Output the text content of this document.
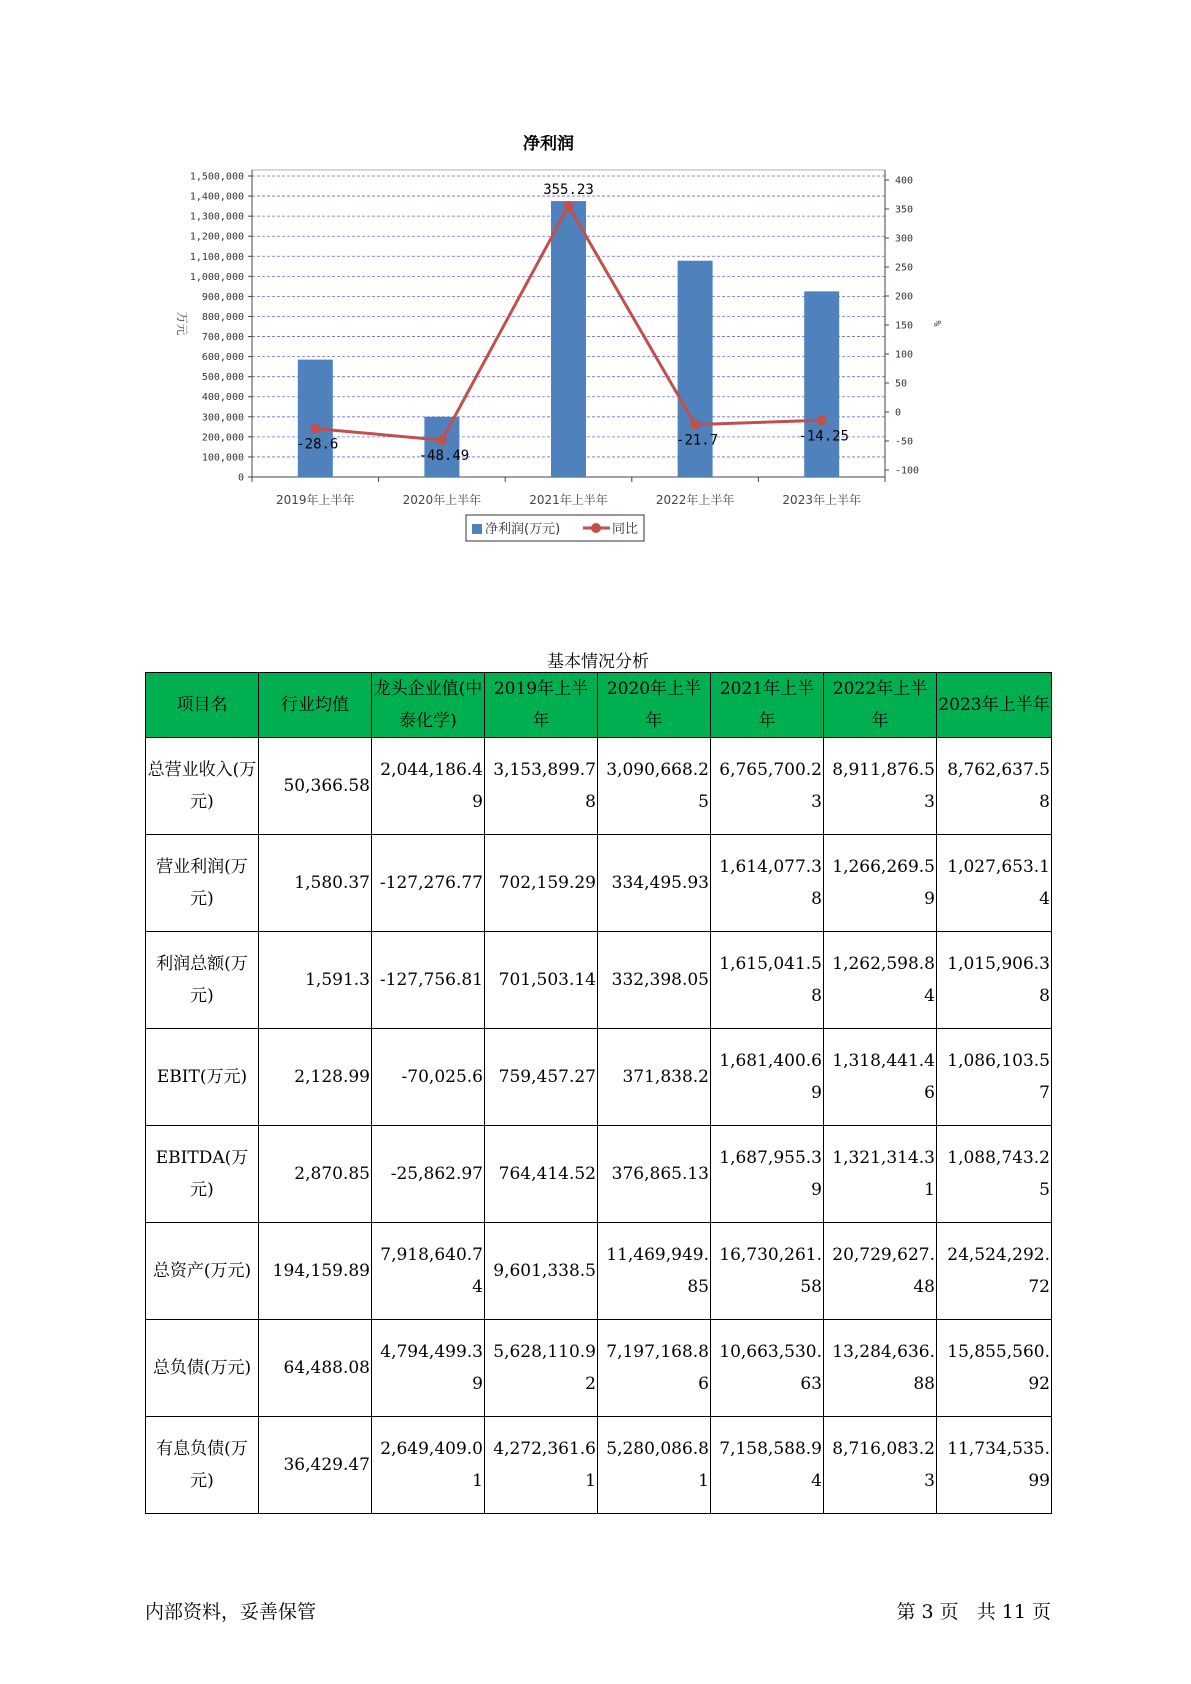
净利润
0
100,000
200,000
300,000
400,000
500,000
600,000
700,000
800,000
900,000
1,000,000
1,100,000
1,200,000
1,300,000
1,400,000
1,500,000
万元
-100
-50
0
50
100
150
200
250
300
350
400
%
2019年上半年	2020年上半年	2021年上半年	2022年上半年	2023年上半年
-28.6
-48.49
355.23
-21.7	-14.25
净利润(万元)	同比
基本情况分析
项目名	行业均值	龙头企业值(中泰化学)	2019年上半年	2020年上半年	2021年上半年	2022年上半年	2023年上半年
总营业收入(万元)	50,366.58	2,044,186.49	3,153,899.78	3,090,668.25	6,765,700.23	8,911,876.53	8,762,637.58
营业利润(万元)	1,580.37	-127,276.77	702,159.29	334,495.93	1,614,077.38	1,266,269.59	1,027,653.14
利润总额(万元)	1,591.3	-127,756.81	701,503.14	332,398.05	1,615,041.58	1,262,598.84	1,015,906.38
EBIT(万元)	2,128.99	-70,025.6	759,457.27	371,838.2	1,681,400.69	1,318,441.46	1,086,103.57
EBITDA(万元)	2,870.85	-25,862.97	764,414.52	376,865.13	1,687,955.39	1,321,314.31	1,088,743.25
总资产(万元)	194,159.89	7,918,640.74	9,601,338.5	11,469,949.85	16,730,261.58	20,729,627.48	24,524,292.72
总负债(万元)	64,488.08	4,794,499.39	5,628,110.92	7,197,168.86	10,663,530.63	13,284,636.88	15,855,560.92
有息负债(万元)	36,429.47	2,649,409.01	4,272,361.61	5,280,086.81	7,158,588.94	8,716,083.23	11,734,535.99
内部资料，妥善保管	第 3 页   共 11 页
